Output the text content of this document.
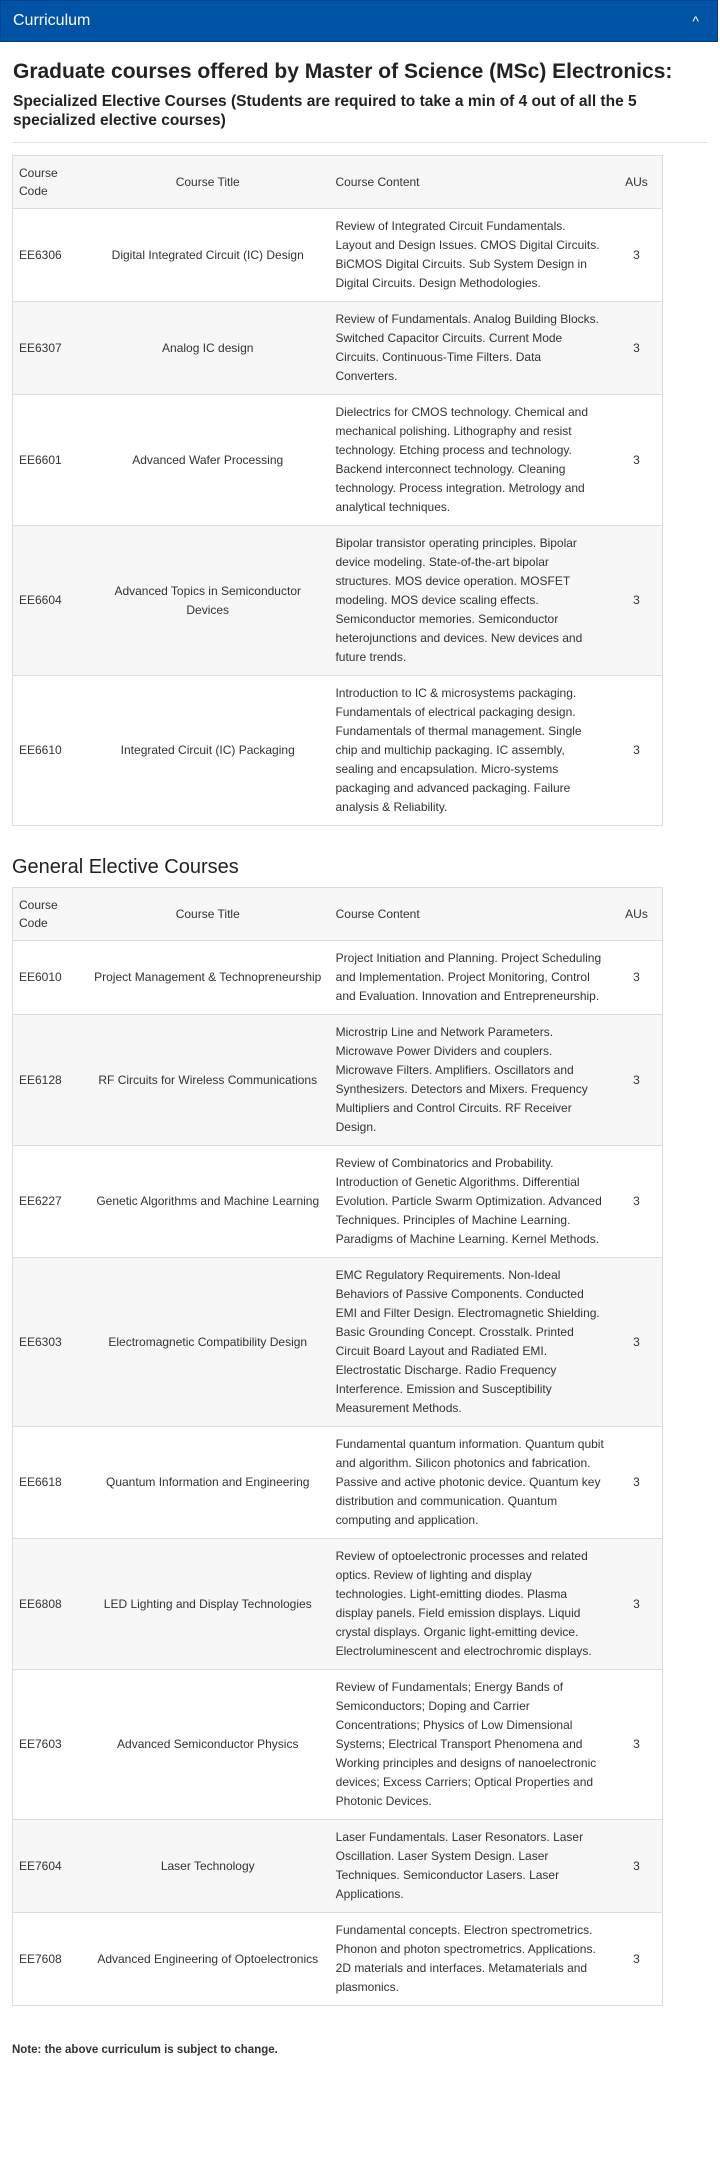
Curriculum	^
Graduate courses offered by Master of Science (MSc) Electronics:
Specialized Elective Courses (Students are required to take a min of 4 out of all the 5 specialized elective courses)
Course Code	Course Title	Course Content	AUs
EE6306	Digital Integrated Circuit (IC) Design	Review of Integrated Circuit Fundamentals. Layout and Design Issues. CMOS Digital Circuits. BiCMOS Digital Circuits. Sub System Design in Digital Circuits. Design Methodologies.	3
EE6307	Analog IC design	Review of Fundamentals. Analog Building Blocks. Switched Capacitor Circuits. Current Mode Circuits. Continuous-Time Filters. Data Converters.	3
EE6601	Advanced Wafer Processing	Dielectrics for CMOS technology. Chemical and mechanical polishing. Lithography and resist technology. Etching process and technology. Backend interconnect technology. Cleaning technology. Process integration. Metrology and analytical techniques.	3
EE6604	Advanced Topics in Semiconductor Devices	Bipolar transistor operating principles. Bipolar device modeling. State-of-the-art bipolar structures. MOS device operation. MOSFET modeling. MOS device scaling effects. Semiconductor memories. Semiconductor heterojunctions and devices. New devices and future trends.	3
EE6610	Integrated Circuit (IC) Packaging	Introduction to IC & microsystems packaging. Fundamentals of electrical packaging design. Fundamentals of thermal management. Single chip and multichip packaging. IC assembly, sealing and encapsulation. Micro-systems packaging and advanced packaging. Failure analysis & Reliability.	3
General Elective Courses
Course Code	Course Title	Course Content	AUs
EE6010	Project Management & Technopreneurship	Project Initiation and Planning. Project Scheduling and Implementation. Project Monitoring, Control and Evaluation. Innovation and Entrepreneurship.	3
EE6128	RF Circuits for Wireless Communications	Microstrip Line and Network Parameters. Microwave Power Dividers and couplers. Microwave Filters. Amplifiers. Oscillators and Synthesizers. Detectors and Mixers. Frequency Multipliers and Control Circuits. RF Receiver Design.	3
EE6227	Genetic Algorithms and Machine Learning	Review of Combinatorics and Probability. Introduction of Genetic Algorithms. Differential Evolution. Particle Swarm Optimization. Advanced Techniques. Principles of Machine Learning. Paradigms of Machine Learning. Kernel Methods.	3
EE6303	Electromagnetic Compatibility Design	EMC Regulatory Requirements. Non-Ideal Behaviors of Passive Components. Conducted EMI and Filter Design. Electromagnetic Shielding. Basic Grounding Concept. Crosstalk. Printed Circuit Board Layout and Radiated EMI. Electrostatic Discharge. Radio Frequency Interference. Emission and Susceptibility Measurement Methods.	3
EE6618	Quantum Information and Engineering	Fundamental quantum information. Quantum qubit and algorithm. Silicon photonics and fabrication. Passive and active photonic device. Quantum key distribution and communication. Quantum computing and application.	3
EE6808	LED Lighting and Display Technologies	Review of optoelectronic processes and related optics. Review of lighting and display technologies. Light-emitting diodes. Plasma display panels. Field emission displays. Liquid crystal displays. Organic light-emitting device. Electroluminescent and electrochromic displays.	3
EE7603	Advanced Semiconductor Physics	Review of Fundamentals; Energy Bands of Semiconductors; Doping and Carrier Concentrations; Physics of Low Dimensional Systems; Electrical Transport Phenomena and Working principles and designs of nanoelectronic devices; Excess Carriers; Optical Properties and Photonic Devices.	3
EE7604	Laser Technology	Laser Fundamentals. Laser Resonators. Laser Oscillation. Laser System Design. Laser Techniques. Semiconductor Lasers. Laser Applications.	3
EE7608	Advanced Engineering of Optoelectronics	Fundamental concepts. Electron spectrometrics. Phonon and photon spectrometrics. Applications. 2D materials and interfaces. Metamaterials and plasmonics.	3

Note: the above curriculum is subject to change.
